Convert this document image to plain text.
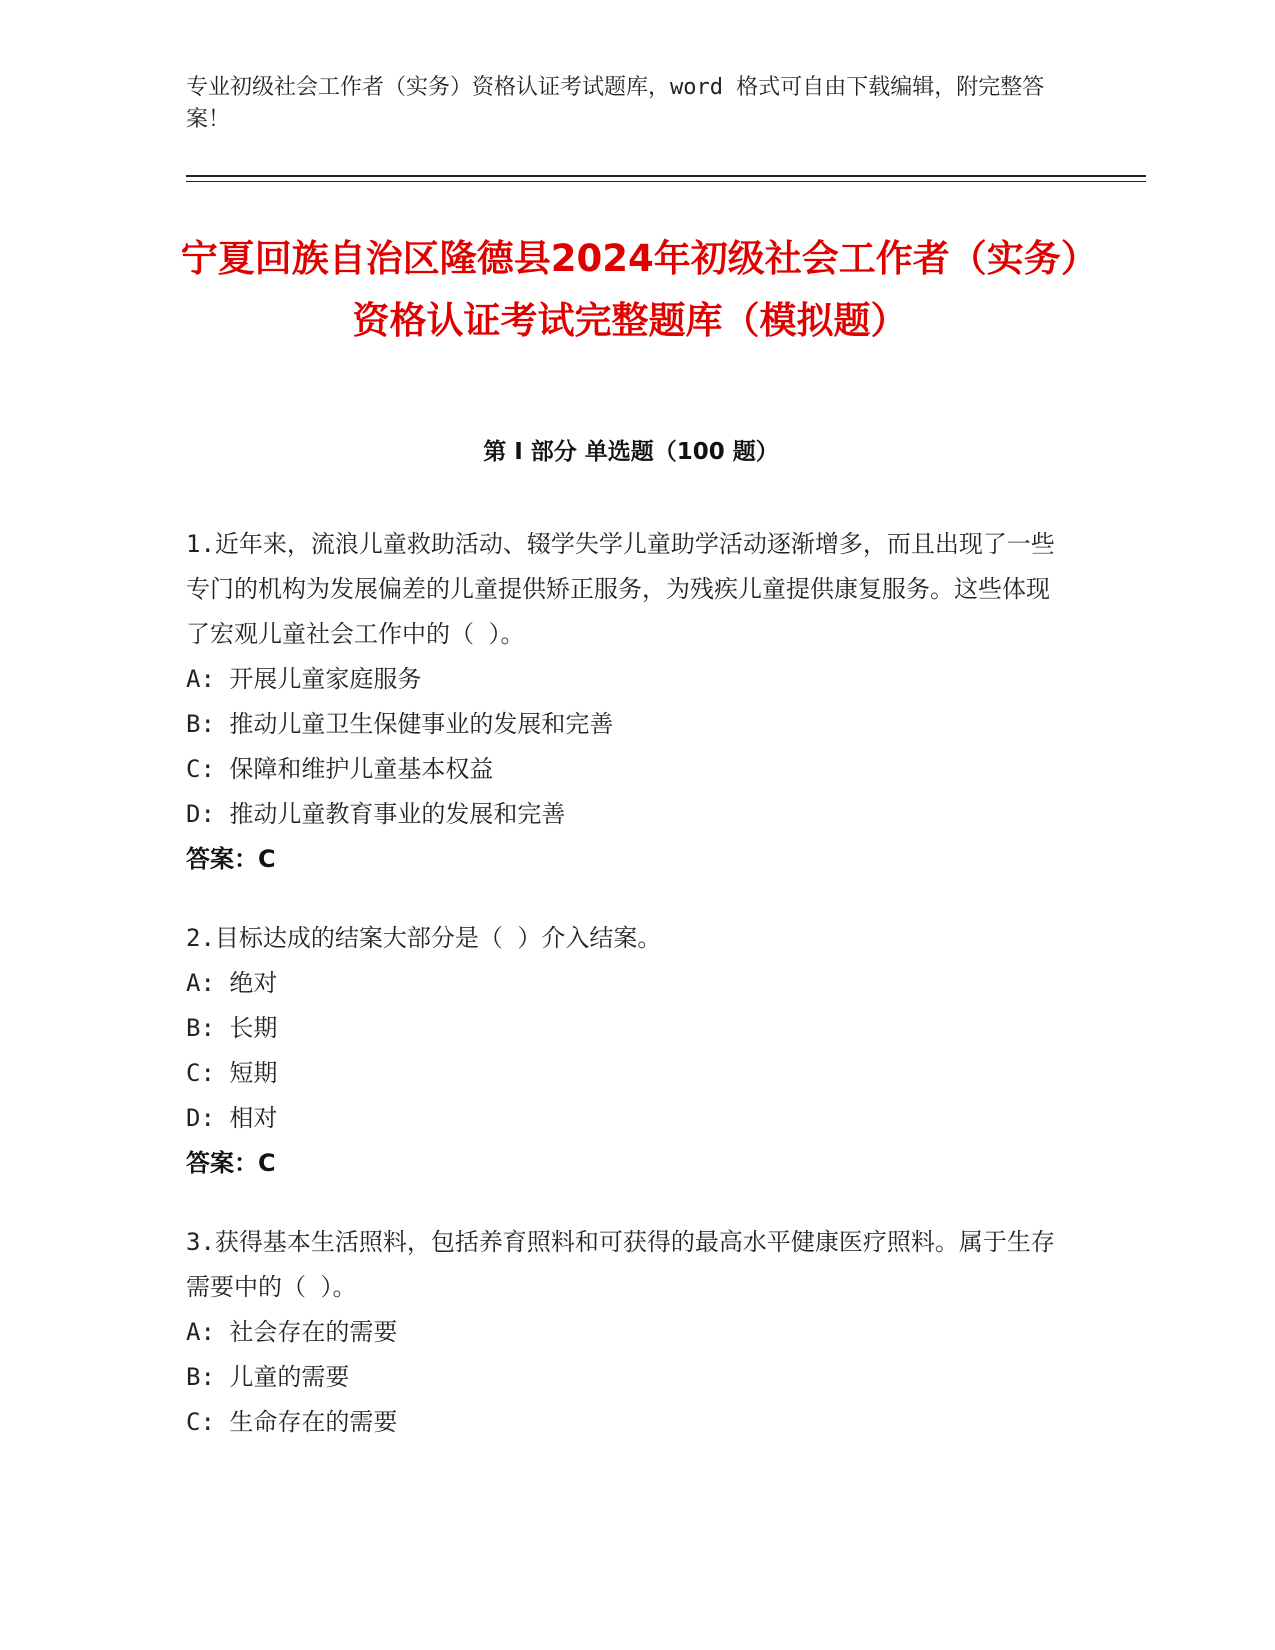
专业初级社会工作者（实务）资格认证考试题库，word 格式可自由下载编辑，附完整答案！
宁夏回族自治区隆德县2024年初级社会工作者（实务）资格认证考试完整题库（模拟题）
第 I 部分 单选题（100 题）
1.近年来，流浪儿童救助活动、辍学失学儿童助学活动逐渐增多，而且出现了一些专门的机构为发展偏差的儿童提供矫正服务，为残疾儿童提供康复服务。这些体现了宏观儿童社会工作中的（ ）。
A: 开展儿童家庭服务
B: 推动儿童卫生保健事业的发展和完善
C: 保障和维护儿童基本权益
D: 推动儿童教育事业的发展和完善
答案：C
2.目标达成的结案大部分是（ ）介入结案。
A: 绝对
B: 长期
C: 短期
D: 相对
答案：C
3.获得基本生活照料，包括养育照料和可获得的最高水平健康医疗照料。属于生存需要中的（ ）。
A: 社会存在的需要
B: 儿童的需要
C: 生命存在的需要
